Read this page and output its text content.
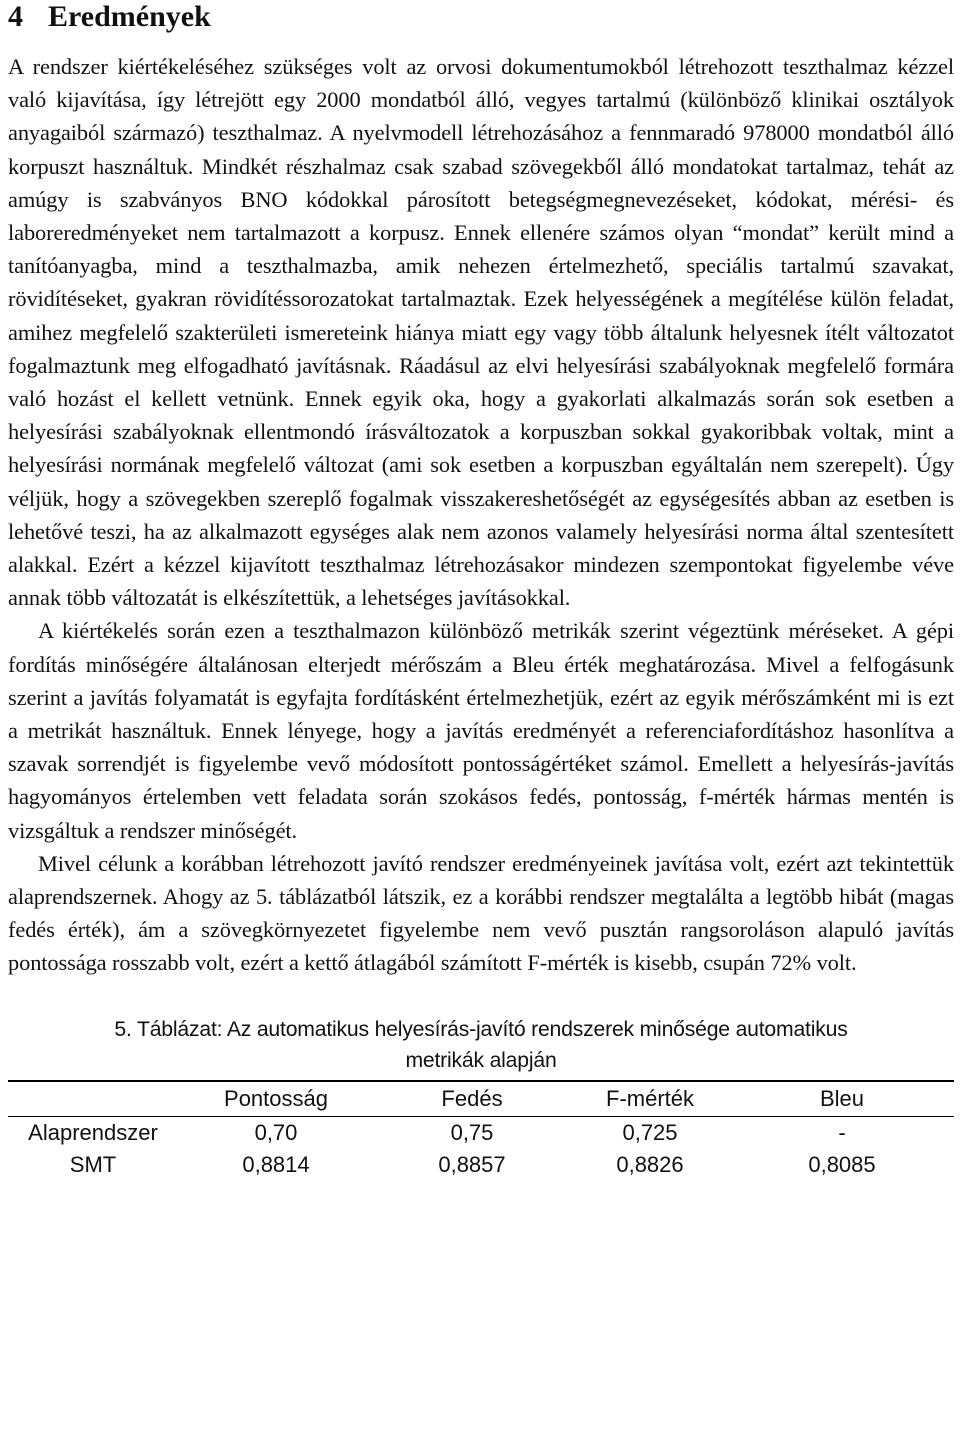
4 Eredmények

A rendszer kiértékeléséhez szükséges volt az orvosi dokumentumokból létrehozott teszthalmaz kézzel való kijavítása, így létrejött egy 2000 mondatból álló, vegyes tartalmú (különböző klinikai osztályok anyagaiból származó) teszthalmaz. A nyelvmodell létrehozásához a fennmaradó 978000 mondatból álló korpuszt használtuk. Mindkét részhalmaz csak szabad szövegekből álló mondatokat tartalmaz, tehát az amúgy is szabványos BNO kódokkal párosított betegségmegnevezéseket, kódokat, mérési- és laboreredményeket nem tartalmazott a korpusz. Ennek ellenére számos olyan “mondat” került mind a tanítóanyagba, mind a teszthalmazba, amik nehezen értelmezhető, speciális tartalmú szavakat, rövidítéseket, gyakran rövidítéssorozatokat tartalmaztak. Ezek helyességének a megítélése külön feladat, amihez megfelelő szakterületi ismereteink hiánya miatt egy vagy több általunk helyesnek ítélt változatot fogalmaztunk meg elfogadható javításnak. Ráadásul az elvi helyesírási szabályoknak megfelelő formára való hozást el kellett vetnünk. Ennek egyik oka, hogy a gyakorlati alkalmazás során sok esetben a helyesírási szabályoknak ellentmondó írásváltozatok a korpuszban sokkal gyakoribbak voltak, mint a helyesírási normának megfelelő változat (ami sok esetben a korpuszban egyáltalán nem szerepelt). Úgy véljük, hogy a szövegekben szereplő fogalmak visszakereshetőségét az egységesítés abban az esetben is lehetővé teszi, ha az alkalmazott egységes alak nem azonos valamely helyesírási norma által szentesített alakkal. Ezért a kézzel kijavított teszthalmaz létrehozásakor mindezen szempontokat figyelembe véve annak több változatát is elkészítettük, a lehetséges javításokkal.

A kiértékelés során ezen a teszthalmazon különböző metrikák szerint végeztünk méréseket. A gépi fordítás minőségére általánosan elterjedt mérőszám a Bleu érték meghatározása. Mivel a felfogásunk szerint a javítás folyamatát is egyfajta fordításként értelmezhetjük, ezért az egyik mérőszámként mi is ezt a metrikát használtuk. Ennek lényege, hogy a javítás eredményét a referenciafordításhoz hasonlítva a szavak sorrendjét is figyelembe vevő módosított pontosságértéket számol. Emellett a helyesírás-javítás hagyományos értelemben vett feladata során szokásos fedés, pontosság, f-mérték hármas mentén is vizsgáltuk a rendszer minőségét.

Mivel célunk a korábban létrehozott javító rendszer eredményeinek javítása volt, ezért azt tekintettük alaprendszernek. Ahogy az 5. táblázatból látszik, ez a korábbi rendszer megtalálta a legtöbb hibát (magas fedés érték), ám a szövegkörnyezetet figyelembe nem vevő pusztán rangsoroláson alapuló javítás pontossága rosszabb volt, ezért a kettő átlagából számított F-mérték is kisebb, csupán 72% volt.

5. Táblázat: Az automatikus helyesírás-javító rendszerek minősége automatikus
metrikák alapján
	Pontosság	Fedés	F-mérték	Bleu
Alaprendszer	0,70	0,75	0,725	-
SMT	0,8814	0,8857	0,8826	0,8085
